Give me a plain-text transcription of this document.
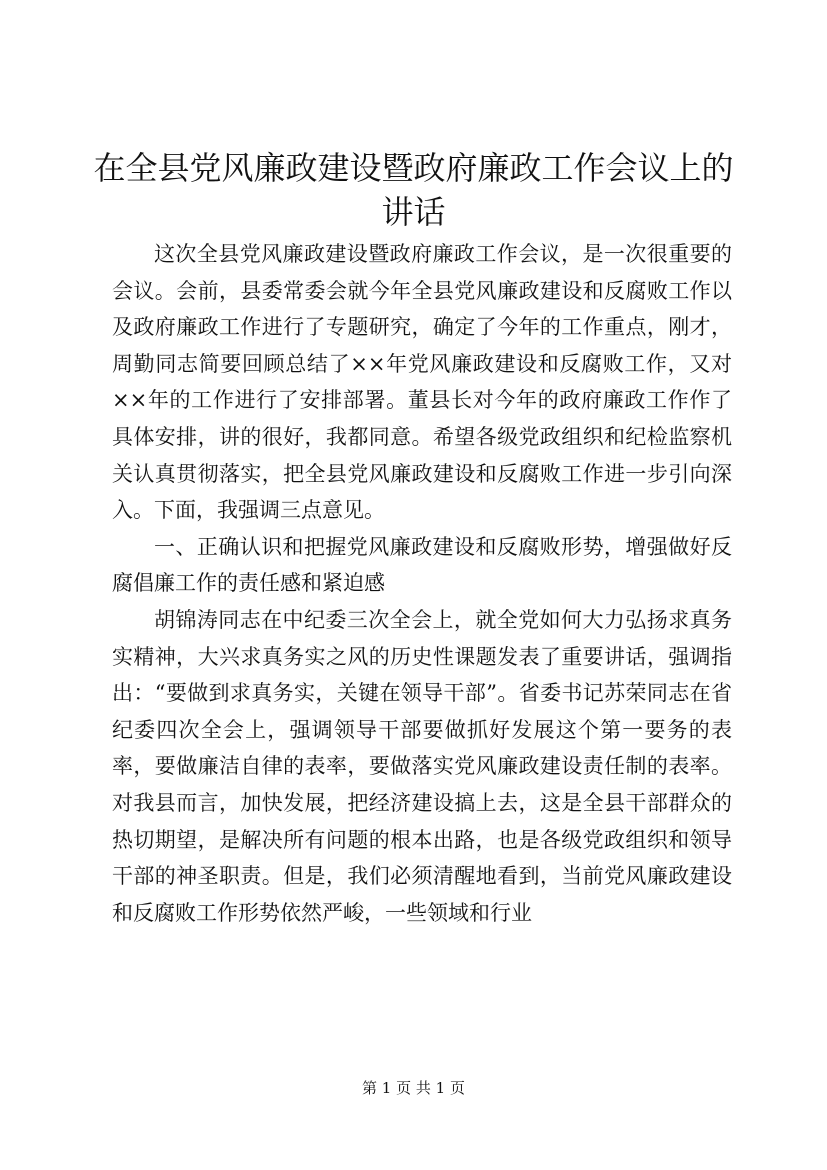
在全县党风廉政建设暨政府廉政工作会议上的讲话

这次全县党风廉政建设暨政府廉政工作会议，是一次很重要的会议。会前，县委常委会就今年全县党风廉政建设和反腐败工作以及政府廉政工作进行了专题研究，确定了今年的工作重点，刚才，周勤同志简要回顾总结了××年党风廉政建设和反腐败工作，又对××年的工作进行了安排部署。董县长对今年的政府廉政工作作了具体安排，讲的很好，我都同意。希望各级党政组织和纪检监察机关认真贯彻落实，把全县党风廉政建设和反腐败工作进一步引向深入。下面，我强调三点意见。

一、正确认识和把握党风廉政建设和反腐败形势，增强做好反腐倡廉工作的责任感和紧迫感

胡锦涛同志在中纪委三次全会上，就全党如何大力弘扬求真务实精神，大兴求真务实之风的历史性课题发表了重要讲话，强调指出：“要做到求真务实，关键在领导干部”。省委书记苏荣同志在省纪委四次全会上，强调领导干部要做抓好发展这个第一要务的表率，要做廉洁自律的表率，要做落实党风廉政建设责任制的表率。对我县而言，加快发展，把经济建设搞上去，这是全县干部群众的热切期望，是解决所有问题的根本出路，也是各级党政组织和领导干部的神圣职责。但是，我们必须清醒地看到，当前党风廉政建设和反腐败工作形势依然严峻，一些领域和行业

第 1 页 共 1 页
